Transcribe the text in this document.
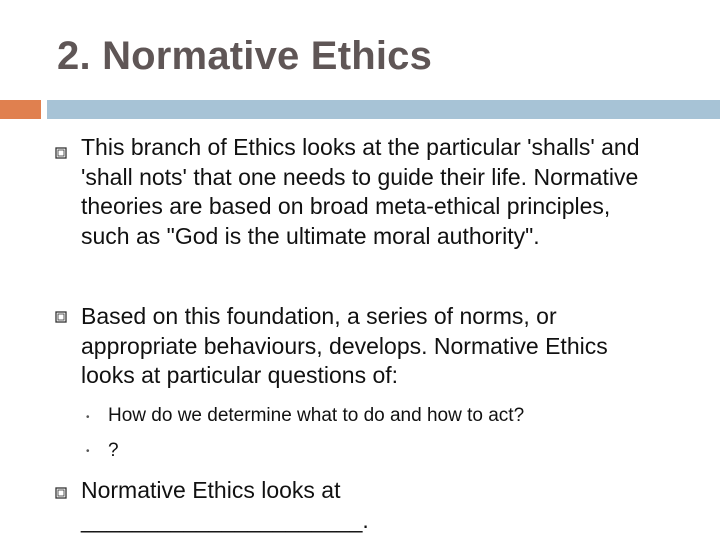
2. Normative Ethics
This branch of Ethics looks at the particular 'shalls' and 'shall nots' that one needs to guide their life. Normative theories are based on broad meta-ethical principles, such as "God is the ultimate moral authority".
Based on this foundation, a series of norms, or appropriate behaviours, develops. Normative Ethics looks at particular questions of:
• How do we determine what to do and how to act?
• ?
Normative Ethics looks at ______________________.
